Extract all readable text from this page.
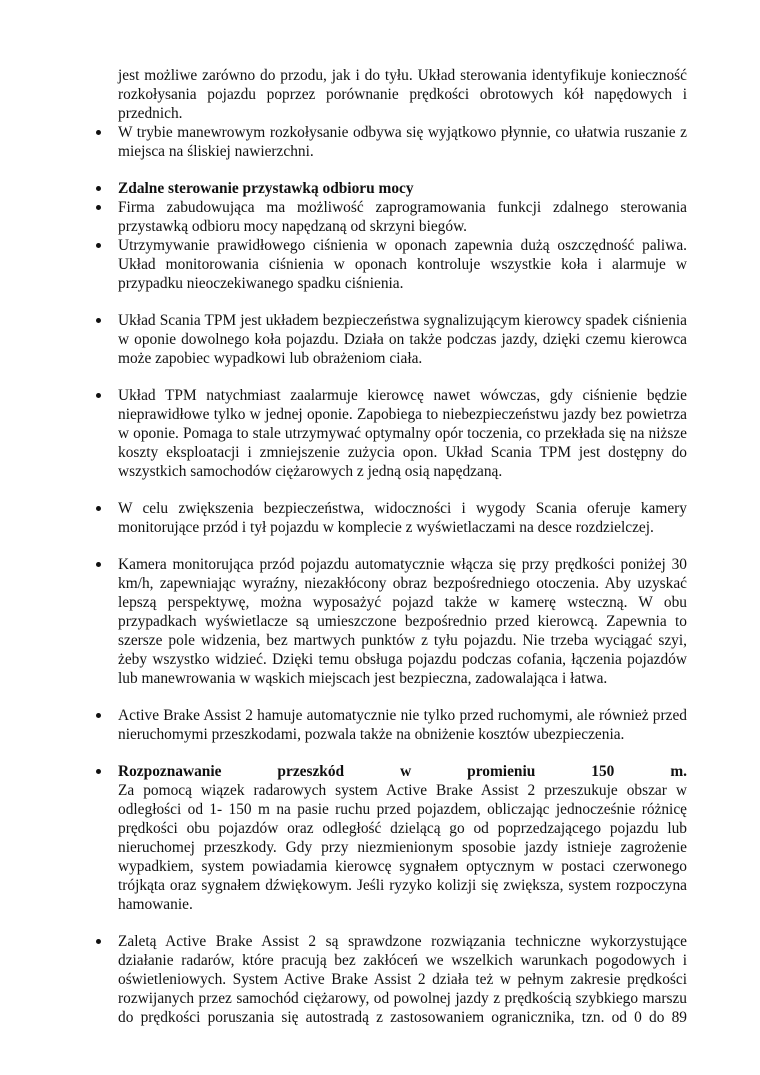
jest możliwe zarówno do przodu, jak i do tyłu. Układ sterowania identyfikuje konieczność rozkołysania pojazdu poprzez porównanie prędkości obrotowych kół napędowych i przednich.

W trybie manewrowym rozkołysanie odbywa się wyjątkowo płynnie, co ułatwia ruszanie z miejsca na śliskiej nawierzchni.

Zdalne sterowanie przystawką odbioru mocy

Firma zabudowująca ma możliwość zaprogramowania funkcji zdalnego sterowania przystawką odbioru mocy napędzaną od skrzyni biegów.

Utrzymywanie prawidłowego ciśnienia w oponach zapewnia dużą oszczędność paliwa. Układ monitorowania ciśnienia w oponach kontroluje wszystkie koła i alarmuje w przypadku nieoczekiwanego spadku ciśnienia.

Układ Scania TPM jest układem bezpieczeństwa sygnalizującym kierowcy spadek ciśnienia w oponie dowolnego koła pojazdu. Działa on także podczas jazdy, dzięki czemu kierowca może zapobiec wypadkowi lub obrażeniom ciała.

Układ TPM natychmiast zaalarmuje kierowcę nawet wówczas, gdy ciśnienie będzie nieprawidłowe tylko w jednej oponie. Zapobiega to niebezpieczeństwu jazdy bez powietrza w oponie. Pomaga to stale utrzymywać optymalny opór toczenia, co przekłada się na niższe koszty eksploatacji i zmniejszenie zużycia opon. Układ Scania TPM jest dostępny do wszystkich samochodów ciężarowych z jedną osią napędzaną.

W celu zwiększenia bezpieczeństwa, widoczności i wygody Scania oferuje kamery monitorujące przód i tył pojazdu w komplecie z wyświetlaczami na desce rozdzielczej.

Kamera monitorująca przód pojazdu automatycznie włącza się przy prędkości poniżej 30 km/h, zapewniając wyraźny, niezakłócony obraz bezpośredniego otoczenia. Aby uzyskać lepszą perspektywę, można wyposażyć pojazd także w kamerę wsteczną. W obu przypadkach wyświetlacze są umieszczone bezpośrednio przed kierowcą. Zapewnia to szersze pole widzenia, bez martwych punktów z tyłu pojazdu. Nie trzeba wyciągać szyi, żeby wszystko widzieć. Dzięki temu obsługa pojazdu podczas cofania, łączenia pojazdów lub manewrowania w wąskich miejscach jest bezpieczna, zadowalająca i łatwa.

Active Brake Assist 2 hamuje automatycznie nie tylko przed ruchomymi, ale również przed nieruchomymi przeszkodami, pozwala także na obniżenie kosztów ubezpieczenia.

Rozpoznawanie przeszkód w promieniu 150 m.
Za pomocą wiązek radarowych system Active Brake Assist 2 przeszukuje obszar w odległości od 1- 150 m na pasie ruchu przed pojazdem, obliczając jednocześnie różnicę prędkości obu pojazdów oraz odległość dzielącą go od poprzedzającego pojazdu lub nieruchomej przeszkody. Gdy przy niezmienionym sposobie jazdy istnieje zagrożenie wypadkiem, system powiadamia kierowcę sygnałem optycznym w postaci czerwonego trójkąta oraz sygnałem dźwiękowym. Jeśli ryzyko kolizji się zwiększa, system rozpoczyna hamowanie.

Zaletą Active Brake Assist 2 są sprawdzone rozwiązania techniczne wykorzystujące działanie radarów, które pracują bez zakłóceń we wszelkich warunkach pogodowych i oświetleniowych. System Active Brake Assist 2 działa też w pełnym zakresie prędkości rozwijanych przez samochód ciężarowy, od powolnej jazdy z prędkością szybkiego marszu do prędkości poruszania się autostradą z zastosowaniem ogranicznika, tzn. od 0 do 89
